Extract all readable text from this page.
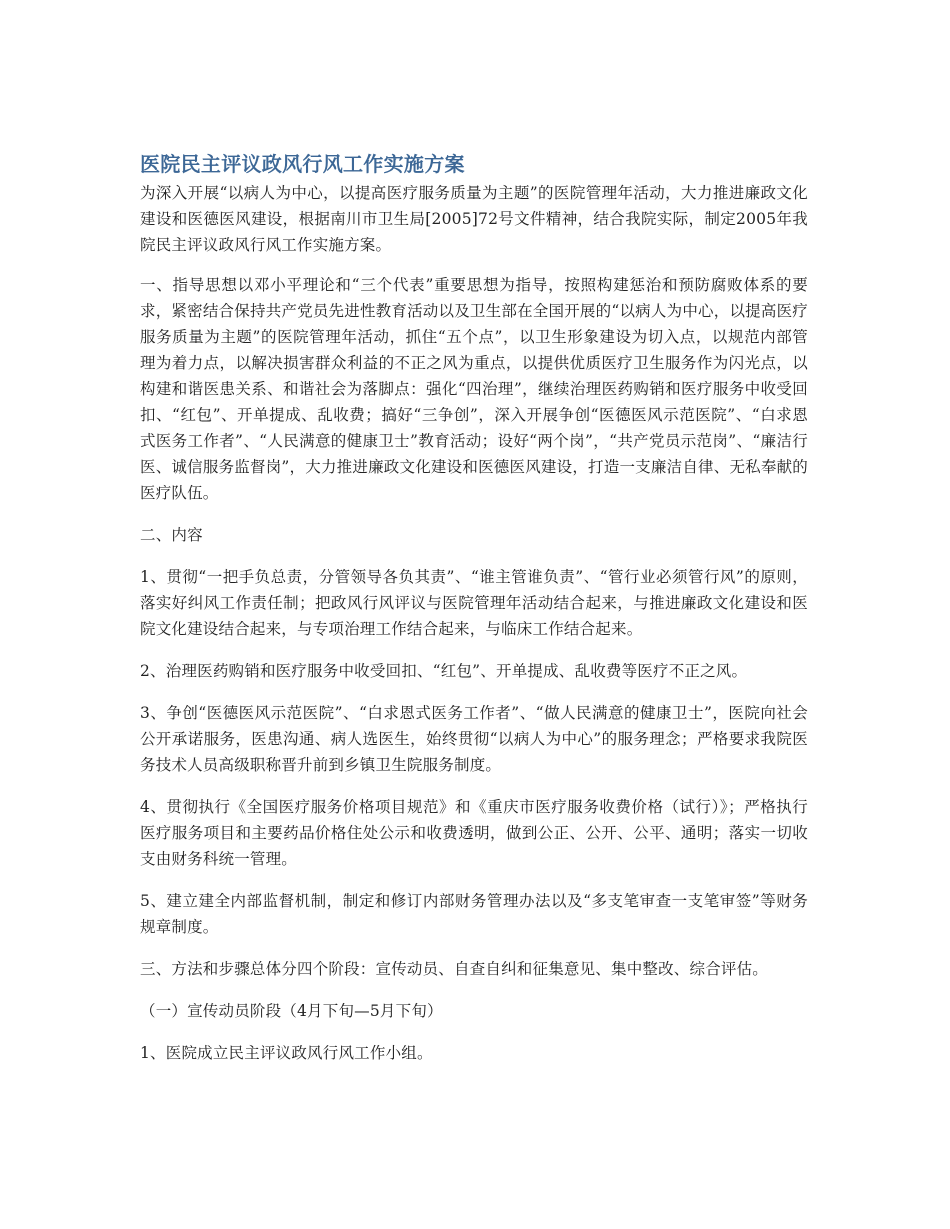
医院民主评议政风行风工作实施方案

为深入开展“以病人为中心，以提高医疗服务质量为主题”的医院管理年活动，大力推进廉政文化建设和医德医风建设，根据南川市卫生局[2005]72号文件精神，结合我院实际，制定2005年我院民主评议政风行风工作实施方案。

一、指导思想以邓小平理论和“三个代表”重要思想为指导，按照构建惩治和预防腐败体系的要求，紧密结合保持共产党员先进性教育活动以及卫生部在全国开展的“以病人为中心，以提高医疗服务质量为主题”的医院管理年活动，抓住“五个点”，以卫生形象建设为切入点，以规范内部管理为着力点，以解决损害群众利益的不正之风为重点，以提供优质医疗卫生服务作为闪光点，以构建和谐医患关系、和谐社会为落脚点：强化“四治理”，继续治理医药购销和医疗服务中收受回扣、“红包”、开单提成、乱收费；搞好“三争创”，深入开展争创“医德医风示范医院”、“白求恩式医务工作者”、“人民满意的健康卫士”教育活动；设好“两个岗”，“共产党员示范岗”、“廉洁行医、诚信服务监督岗”，大力推进廉政文化建设和医德医风建设，打造一支廉洁自律、无私奉献的医疗队伍。

二、内容

1、贯彻“一把手负总责，分管领导各负其责”、“谁主管谁负责”、“管行业必须管行风”的原则，落实好纠风工作责任制；把政风行风评议与医院管理年活动结合起来，与推进廉政文化建设和医院文化建设结合起来，与专项治理工作结合起来，与临床工作结合起来。

2、治理医药购销和医疗服务中收受回扣、“红包”、开单提成、乱收费等医疗不正之风。

3、争创“医德医风示范医院”、“白求恩式医务工作者”、“做人民满意的健康卫士”，医院向社会公开承诺服务，医患沟通、病人选医生，始终贯彻“以病人为中心”的服务理念；严格要求我院医务技术人员高级职称晋升前到乡镇卫生院服务制度。

4、贯彻执行《全国医疗服务价格项目规范》和《重庆市医疗服务收费价格（试行）》；严格执行医疗服务项目和主要药品价格住处公示和收费透明，做到公正、公开、公平、通明；落实一切收支由财务科统一管理。

5、建立建全内部监督机制，制定和修订内部财务管理办法以及“多支笔审查一支笔审签”等财务规章制度。

三、方法和步骤总体分四个阶段：宣传动员、自查自纠和征集意见、集中整改、综合评估。

（一）宣传动员阶段（4月下旬—5月下旬）

1、医院成立民主评议政风行风工作小组。
